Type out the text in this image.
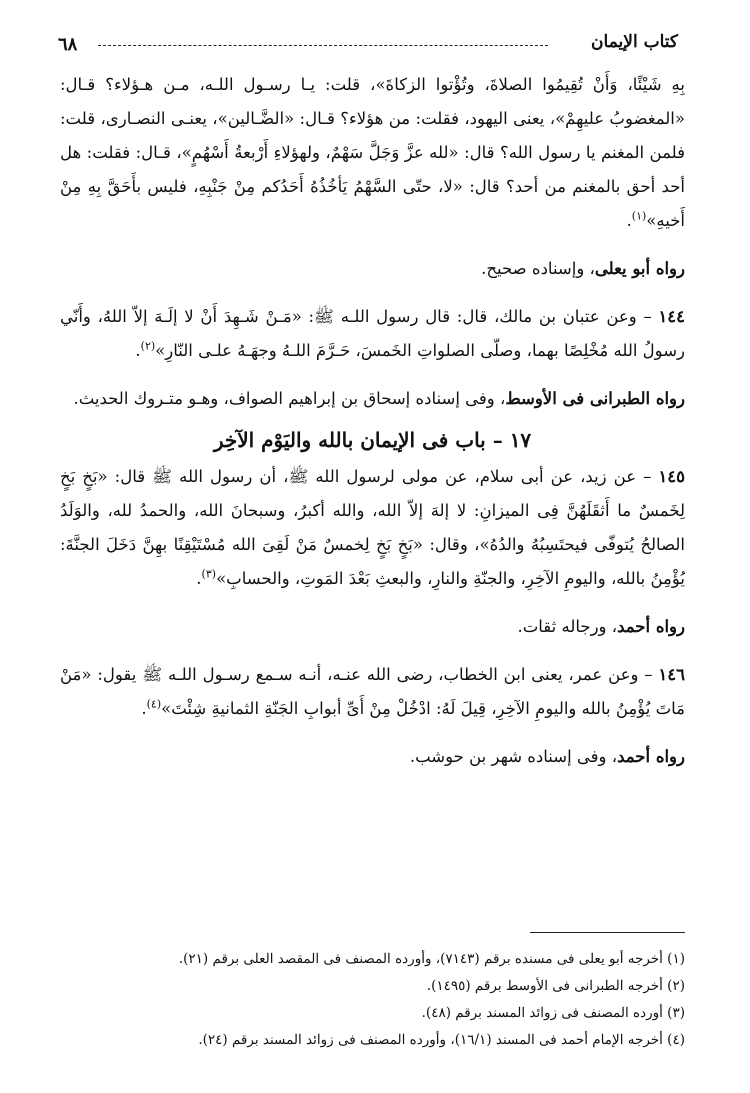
٦٨	كتاب الإيمان

بِهِ شَيْئًا، وَأَنْ تُقِيمُوا الصلاةَ، وتُؤْتوا الزكاةَ»، قلت: يـا رسـول اللـه، مـن هـؤلاء؟ قـال: «المغضوبُ عليهِمْ»، يعنى اليهود، فقلت: من هؤلاء؟ قـال: «الضَّـالين»، يعنـى النصـارى، قلت: فلمن المغنم يا رسول الله؟ قال: «لله عزَّ وَجَلَّ سَهْمٌ، ولهؤلاءِ أَرْبعةُ أَسْهُمٍ»، قـال: فقلت: هل أحد أحق بالمغنم من أحد؟ قال: «لا، حتّى السَّهْمُ يَأخُذُهُ أَحَدُكم مِنْ جَنْبِهِ، فليس بأَحَقَّ بِهِ مِنْ أَخيهِ»$^{(١)}$.

رواه أبو يعلى، وإسناده صحيح.

١٤٤ – وعن عتبان بن مالك، قال: قال رسول اللـه ﷺ: «مَـنْ شَـهِدَ أَنْ لا إلَـهَ إلاّ اللهُ، وأَنّي رسولُ الله مُخْلِصًا بهما، وصلّى الصلواتِ الخَمسَ، حَـرَّمَ اللـهُ وجهَـهُ علـى النّارِ»$^{(٢)}$.

رواه الطبرانى فى الأوسط، وفى إسناده إسحاق بن إبراهيم الصواف، وهـو متـروك الحديث.

١٧ – باب فى الإيمان بالله واليَوْم الآخِر

١٤٥ – عن زيد، عن أبى سلام، عن مولى لرسول الله ﷺ، أن رسول الله ﷺ قال: «بَخٍ بَخٍ لِخَمسٌ ما أَثقَلَهُنَّ فِى الميزانِ: لا إلهَ إلاّ الله، والله أكبرُ، وسبحانَ الله، والحمدُ لله، والوَلَدُ الصالحُ يُتوفّى فيحتَسِبُهُ والدُهُ»، وقال: «بَخٍ بَخٍ لِخمسٌ مَنْ لَقِىَ الله مُسْتَيْقِنًا بهِنَّ دَخَلَ الجنَّةَ: يُؤْمِنُ بالله، واليومِ الآخِرِ، والجنّةِ والنارِ، والبعثِ بَعْدَ المَوتِ، والحسابِ»$^{(٣)}$.

رواه أحمد، ورجاله ثقات.

١٤٦ – وعن عمر، يعنى ابن الخطاب، رضى الله عنـه، أنـه سـمع رسـول اللـه ﷺ يقول: «مَنْ مَاتَ يُؤْمِنُ بالله واليومِ الآخِرِ، قِيلَ لَهُ: ادْخُلْ مِنْ أَىِّ أبوابِ الجَنّةِ الثمانيةِ شِئْتَ»$^{(٤)}$.

رواه أحمد، وفى إسناده شهر بن حوشب.

(١) أخرجه أبو يعلى فى مسنده برقم (٧١٤٣)، وأورده المصنف فى المقصد العلى برقم (٢١).

(٢) أخرجه الطبرانى فى الأوسط برقم (١٤٩٥).

(٣) أورده المصنف فى زوائد المسند برقم (٤٨).

(٤) أخرجه الإمام أحمد فى المسند (١٦/١)، وأورده المصنف فى زوائد المسند برقم (٢٤).
